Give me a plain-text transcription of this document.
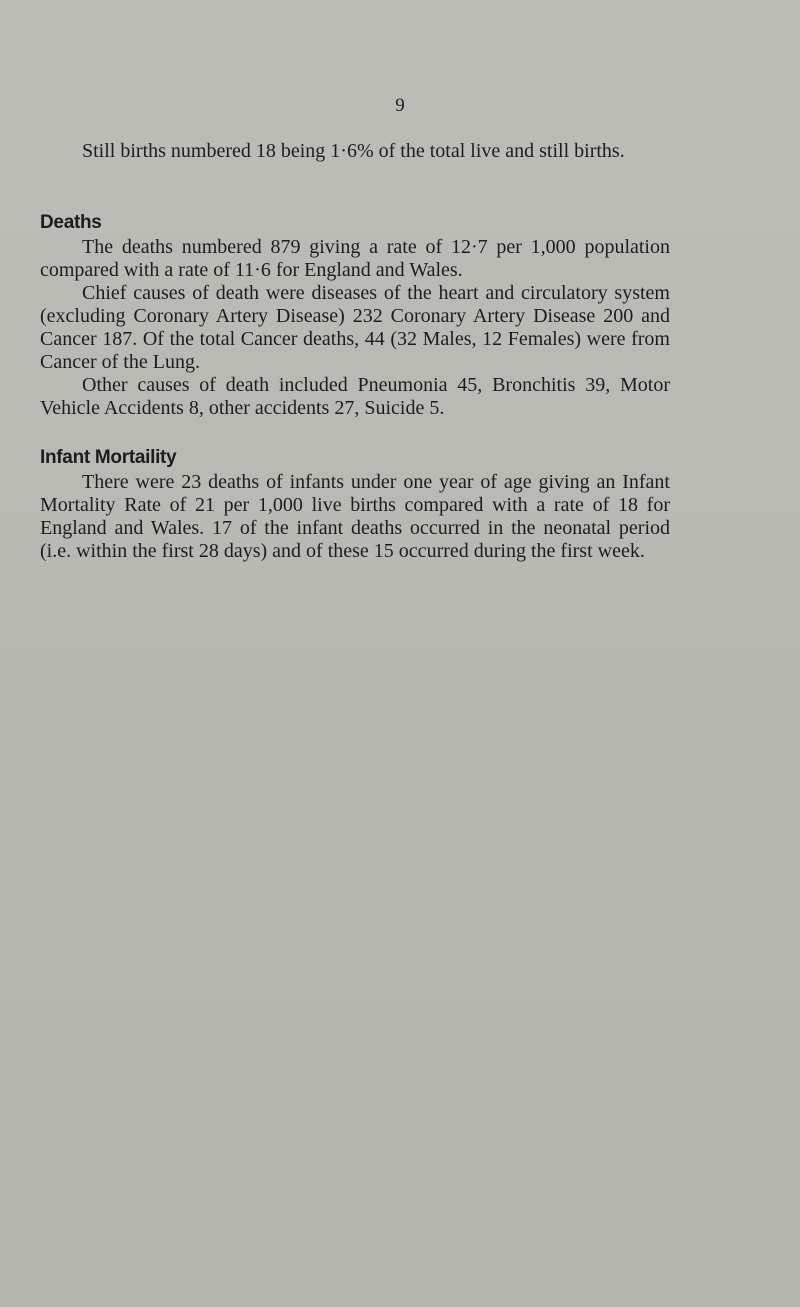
9

Still births numbered 18 being 1·6% of the total live and still births.

Deaths

The deaths numbered 879 giving a rate of 12·7 per 1,000 population compared with a rate of 11·6 for England and Wales.

Chief causes of death were diseases of the heart and circulatory system (excluding Coronary Artery Disease) 232 Coronary Artery Disease 200 and Cancer 187. Of the total Cancer deaths, 44 (32 Males, 12 Females) were from Cancer of the Lung.

Other causes of death included Pneumonia 45, Bronchitis 39, Motor Vehicle Accidents 8, other accidents 27, Suicide 5.

Infant Mortaility

There were 23 deaths of infants under one year of age giving an Infant Mortality Rate of 21 per 1,000 live births compared with a rate of 18 for England and Wales. 17 of the infant deaths occurred in the neonatal period (i.e. within the first 28 days) and of these 15 occurred during the first week.
